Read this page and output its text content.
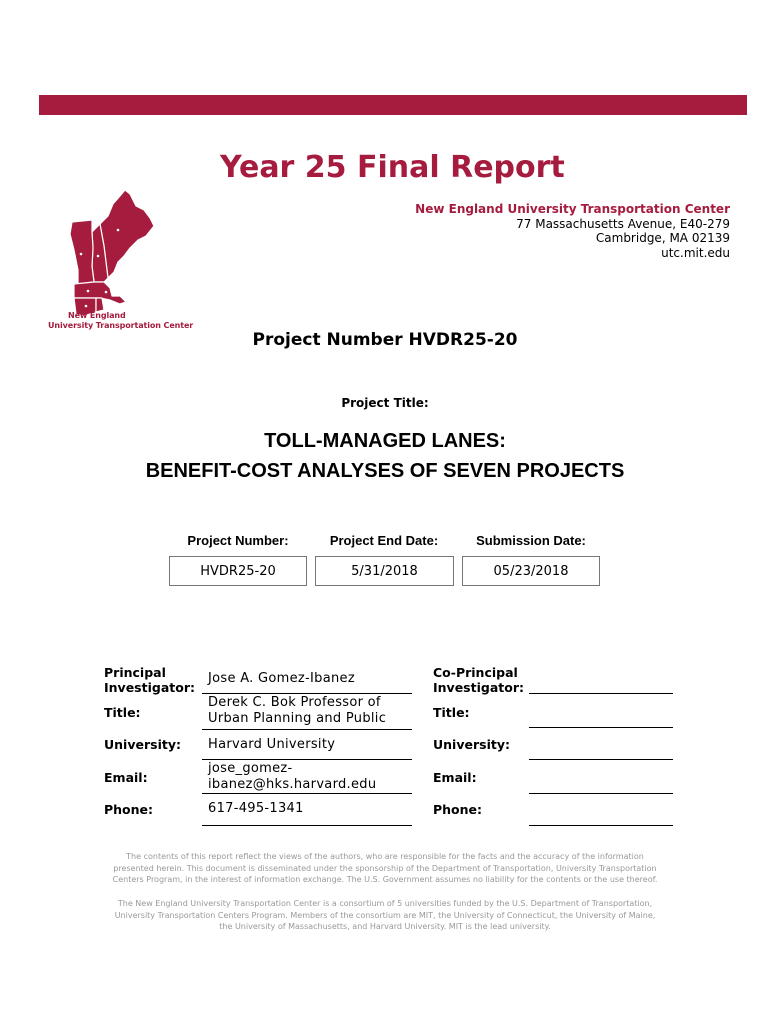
New England
University Transportation Center
Year 25 Final Report
New England University Transportation Center
77 Massachusetts Avenue, E40-279
Cambridge, MA 02139
utc.mit.edu
Project Number HVDR25-20
Project Title:
TOLL-MANAGED LANES:
BENEFIT-COST ANALYSES OF SEVEN PROJECTS
Project Number:	Project End Date:	Submission Date:
HVDR25-20	5/31/2018	05/23/2018
Principal
Investigator:
Jose A. Gomez-Ibanez
Title:
Derek C. Bok Professor of
Urban Planning and Public
University: Harvard University
Email:
jose_gomez-
ibanez@hks.harvard.edu
Phone:	617-495-1341
Co-Principal
Investigator:
Title:
University:
Email:
Phone:
The contents of this report reflect the views of the authors, who are responsible for the facts and the accuracy of the information
presented herein. This document is disseminated under the sponsorship of the Department of Transportation, University Transportation
Centers Program, in the interest of information exchange. The U.S. Government assumes no liability for the contents or the use thereof.
The New England University Transportation Center is a consortium of 5 universities funded by the U.S. Department of Transportation,
University Transportation Centers Program. Members of the consortium are MIT, the University of Connecticut, the University of Maine,
the University of Massachusetts, and Harvard University. MIT is the lead university.
